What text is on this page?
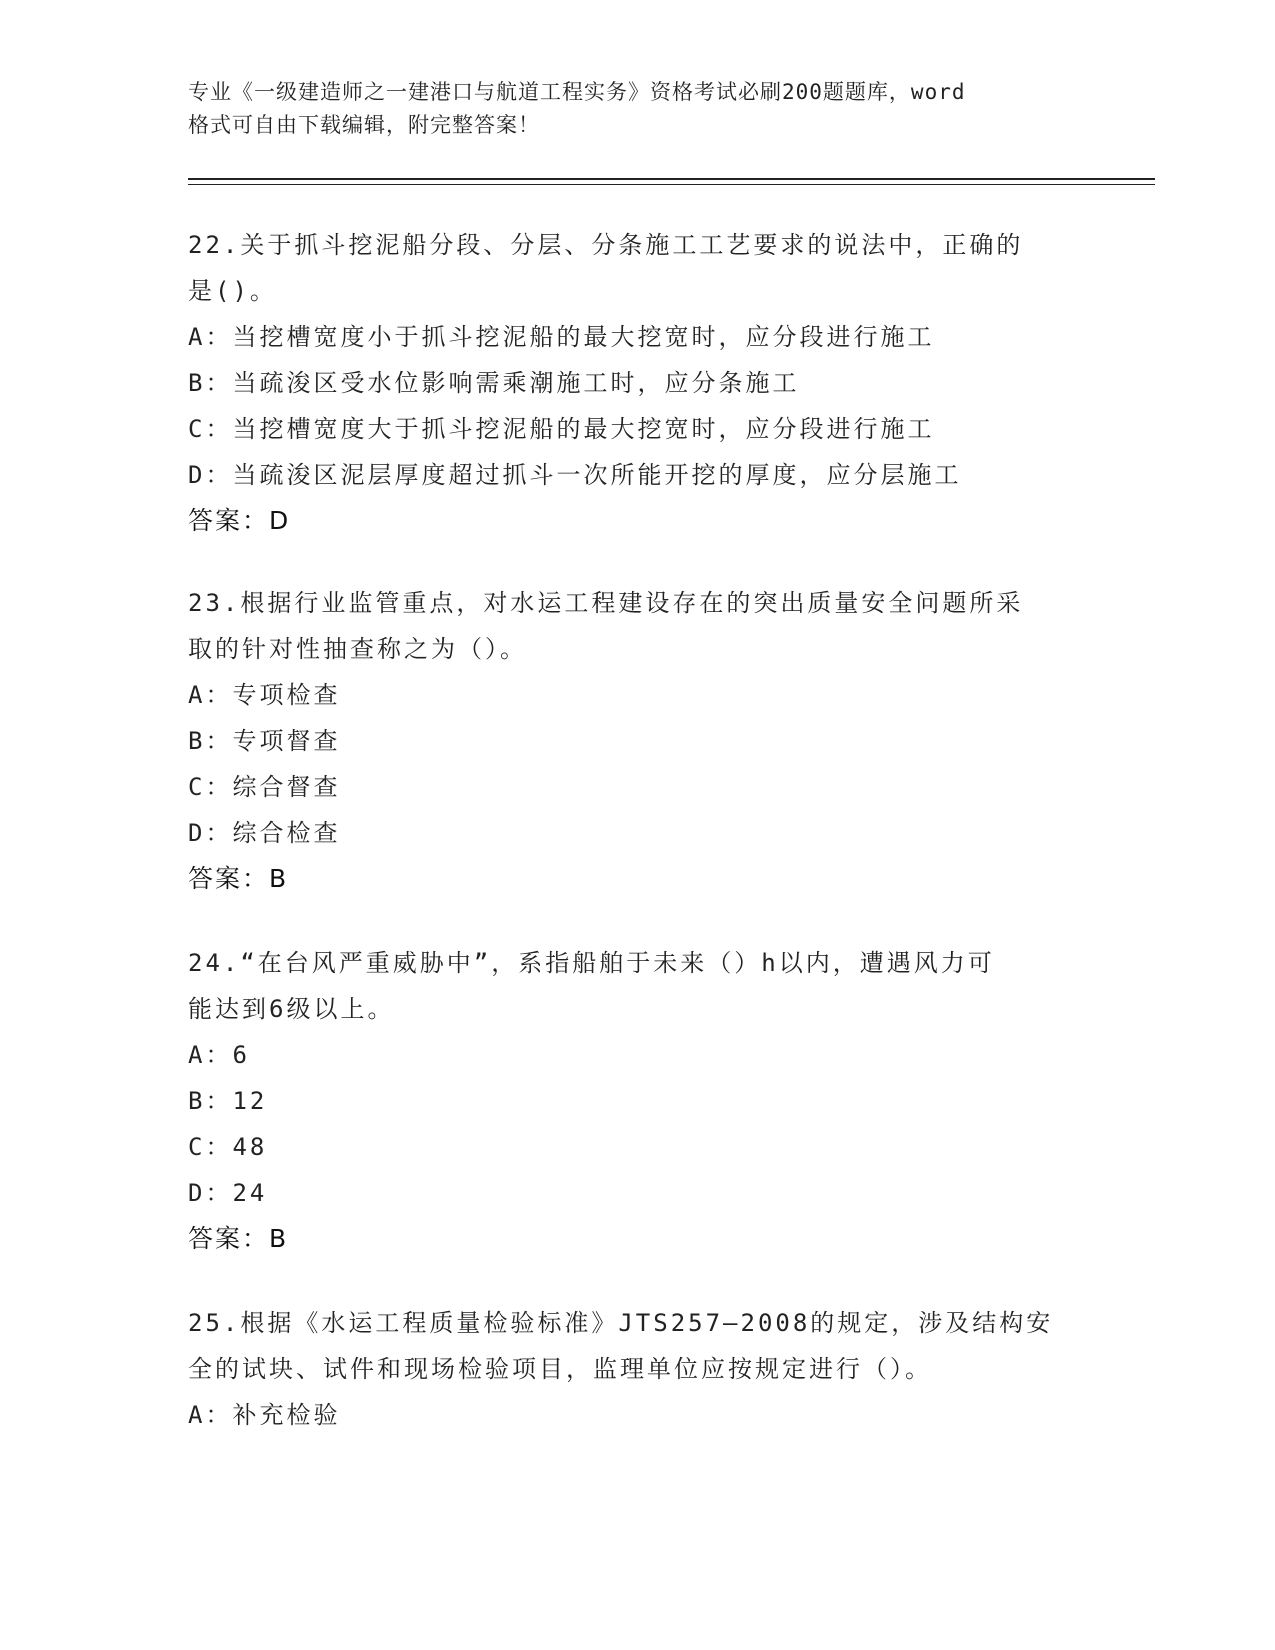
专业《一级建造师之一建港口与航道工程实务》资格考试必刷200题题库，word
格式可自由下载编辑，附完整答案！
22.关于抓斗挖泥船分段、分层、分条施工工艺要求的说法中，正确的
是()。
A：当挖槽宽度小于抓斗挖泥船的最大挖宽时，应分段进行施工
B：当疏浚区受水位影响需乘潮施工时，应分条施工
C：当挖槽宽度大于抓斗挖泥船的最大挖宽时，应分段进行施工
D：当疏浚区泥层厚度超过抓斗一次所能开挖的厚度，应分层施工
答案：D
23.根据行业监管重点，对水运工程建设存在的突出质量安全问题所采
取的针对性抽查称之为（）。
A：专项检查
B：专项督查
C：综合督查
D：综合检查
答案：B
24.“在台风严重威胁中”，系指船舶于未来（）h以内，遭遇风力可
能达到6级以上。
A：6
B：12
C：48
D：24
答案：B
25.根据《水运工程质量检验标准》JTS257—2008的规定，涉及结构安
全的试块、试件和现场检验项目，监理单位应按规定进行（）。
A：补充检验
